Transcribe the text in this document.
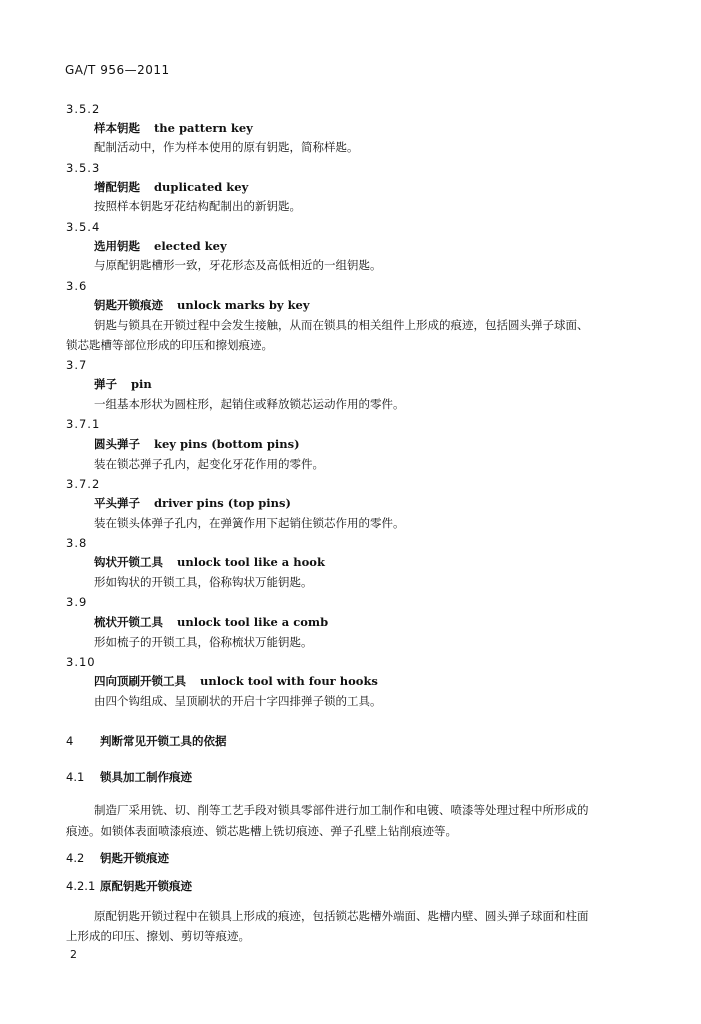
GA/T 956—2011
3.5.2
样本钥匙 the pattern key
配制活动中，作为样本使用的原有钥匙，简称样匙。
3.5.3
增配钥匙 duplicated key
按照样本钥匙牙花结构配制出的新钥匙。
3.5.4
选用钥匙 elected key
与原配钥匙槽形一致，牙花形态及高低相近的一组钥匙。
3.6
钥匙开锁痕迹 unlock marks by key
钥匙与锁具在开锁过程中会发生接触，从而在锁具的相关组件上形成的痕迹，包括圆头弹子球面、
锁芯匙槽等部位形成的印压和擦划痕迹。
3.7
弹子 pin
一组基本形状为圆柱形，起销住或释放锁芯运动作用的零件。
3.7.1
圆头弹子 key pins (bottom pins)
装在锁芯弹子孔内，起变化牙花作用的零件。
3.7.2
平头弹子 driver pins (top pins)
装在锁头体弹子孔内，在弹簧作用下起销住锁芯作用的零件。
3.8
钩状开锁工具 unlock tool like a hook
形如钩状的开锁工具，俗称钩状万能钥匙。
3.9
梳状开锁工具 unlock tool like a comb
形如梳子的开锁工具，俗称梳状万能钥匙。
3.10
四向顶刷开锁工具 unlock tool with four hooks
由四个钩组成、呈顶刷状的开启十字四排弹子锁的工具。
4 判断常见开锁工具的依据
4.1 锁具加工制作痕迹
制造厂采用铣、切、削等工艺手段对锁具零部件进行加工制作和电镀、喷漆等处理过程中所形成的
痕迹。如锁体表面喷漆痕迹、锁芯匙槽上铣切痕迹、弹子孔壁上钻削痕迹等。
4.2 钥匙开锁痕迹
4.2.1 原配钥匙开锁痕迹
原配钥匙开锁过程中在锁具上形成的痕迹，包括锁芯匙槽外端面、匙槽内壁、圆头弹子球面和柱面
上形成的印压、擦划、剪切等痕迹。
2
